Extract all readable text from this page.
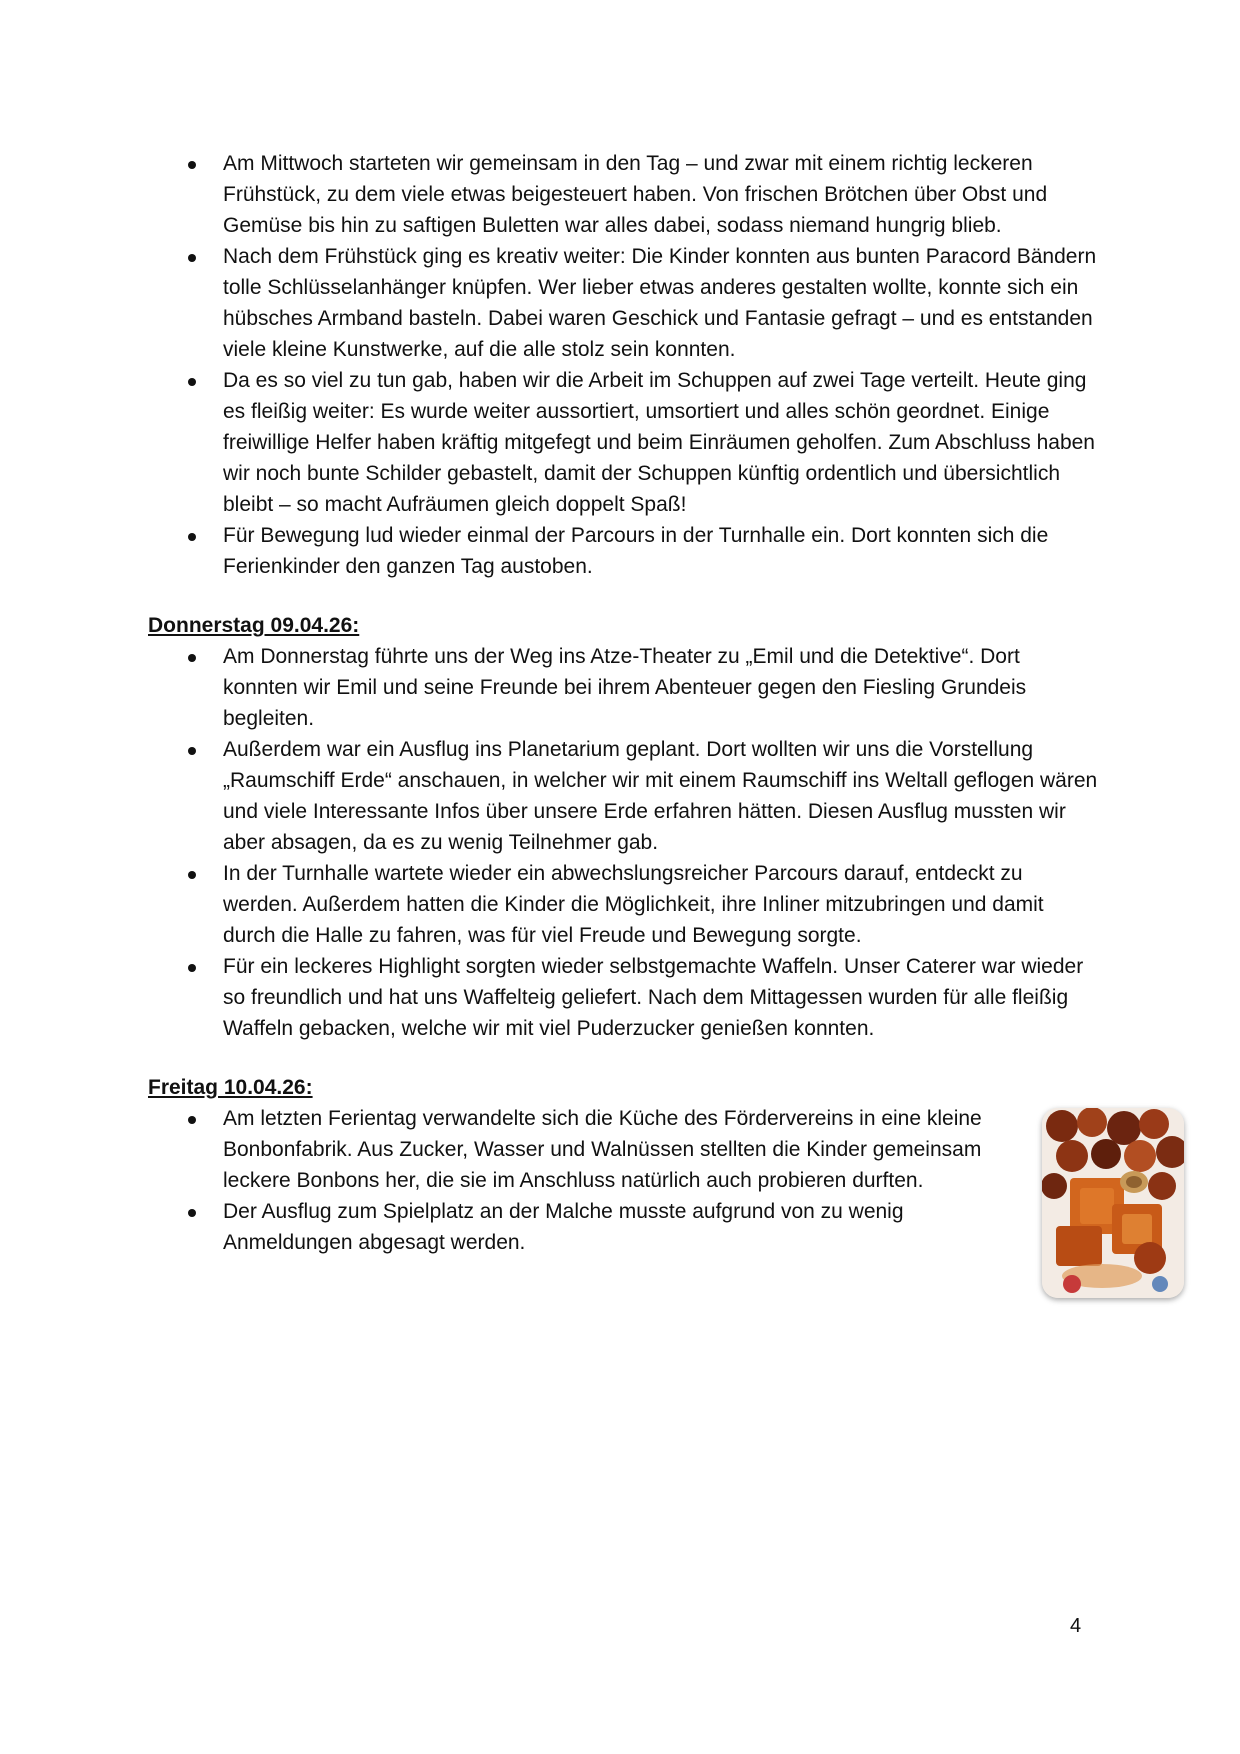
Am Mittwoch starteten wir gemeinsam in den Tag – und zwar mit einem richtig leckeren Frühstück, zu dem viele etwas beigesteuert haben. Von frischen Brötchen über Obst und Gemüse bis hin zu saftigen Buletten war alles dabei, sodass niemand hungrig blieb.
Nach dem Frühstück ging es kreativ weiter: Die Kinder konnten aus bunten Paracord Bändern tolle Schlüsselanhänger knüpfen. Wer lieber etwas anderes gestalten wollte, konnte sich ein hübsches Armband basteln. Dabei waren Geschick und Fantasie gefragt – und es entstanden viele kleine Kunstwerke, auf die alle stolz sein konnten.
Da es so viel zu tun gab, haben wir die Arbeit im Schuppen auf zwei Tage verteilt. Heute ging es fleißig weiter: Es wurde weiter aussortiert, umsortiert und alles schön geordnet. Einige freiwillige Helfer haben kräftig mitgefegt und beim Einräumen geholfen. Zum Abschluss haben wir noch bunte Schilder gebastelt, damit der Schuppen künftig ordentlich und übersichtlich bleibt – so macht Aufräumen gleich doppelt Spaß!
Für Bewegung lud wieder einmal der Parcours in der Turnhalle ein. Dort konnten sich die Ferienkinder den ganzen Tag austoben.

Donnerstag 09.04.26:

Am Donnerstag führte uns der Weg ins Atze-Theater zu „Emil und die Detektive“. Dort konnten wir Emil und seine Freunde bei ihrem Abenteuer gegen den Fiesling Grundeis begleiten.
Außerdem war ein Ausflug ins Planetarium geplant. Dort wollten wir uns die Vorstellung „Raumschiff Erde“ anschauen, in welcher wir mit einem Raumschiff ins Weltall geflogen wären und viele Interessante Infos über unsere Erde erfahren hätten. Diesen Ausflug mussten wir aber absagen, da es zu wenig Teilnehmer gab.
In der Turnhalle wartete wieder ein abwechslungsreicher Parcours darauf, entdeckt zu werden. Außerdem hatten die Kinder die Möglichkeit, ihre Inliner mitzubringen und damit durch die Halle zu fahren, was für viel Freude und Bewegung sorgte.
Für ein leckeres Highlight sorgten wieder selbstgemachte Waffeln. Unser Caterer war wieder so freundlich und hat uns Waffelteig geliefert. Nach dem Mittagessen wurden für alle fleißig Waffeln gebacken, welche wir mit viel Puderzucker genießen konnten.

Freitag 10.04.26:

Am letzten Ferientag verwandelte sich die Küche des Fördervereins in eine kleine Bonbonfabrik. Aus Zucker, Wasser und Walnüssen stellten die Kinder gemeinsam leckere Bonbons her, die sie im Anschluss natürlich auch probieren durften.
Der Ausflug zum Spielplatz an der Malche musste aufgrund von zu wenig Anmeldungen abgesagt werden.
4
